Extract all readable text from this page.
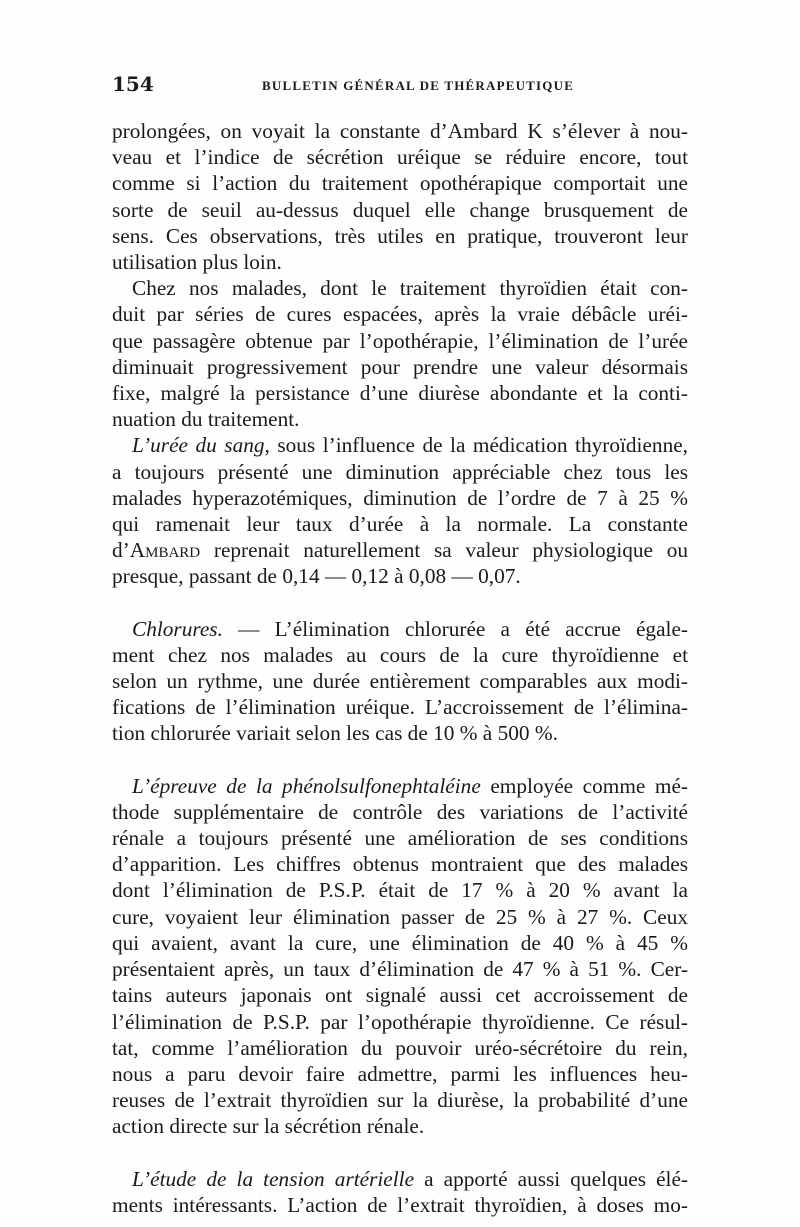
154	BULLETIN GÉNÉRAL DE THÉRAPEUTIQUE

prolongées, on voyait la constante d’Ambard K s’élever à nou-

veau et l’indice de sécrétion uréique se réduire encore, tout

comme si l’action du traitement opothérapique comportait une

sorte de seuil au-dessus duquel elle change brusquement de

sens. Ces observations, très utiles en pratique, trouveront leur

utilisation plus loin.

Chez nos malades, dont le traitement thyroïdien était con-

duit par séries de cures espacées, après la vraie débâcle uréi-

que passagère obtenue par l’opothérapie, l’élimination de l’urée

diminuait progressivement pour prendre une valeur désormais

fixe, malgré la persistance d’une diurèse abondante et la conti-

nuation du traitement.

L’urée du sang, sous l’influence de la médication thyroïdienne,

a toujours présenté une diminution appréciable chez tous les

malades hyperazotémiques, diminution de l’ordre de 7 à 25 %

qui ramenait leur taux d’urée à la normale. La constante

d’Ambard reprenait naturellement sa valeur physiologique ou

presque, passant de 0,14 — 0,12 à 0,08 — 0,07.

Chlorures. — L’élimination chlorurée a été accrue égale-

ment chez nos malades au cours de la cure thyroïdienne et

selon un rythme, une durée entièrement comparables aux modi-

fications de l’élimination uréique. L’accroissement de l’élimina-

tion chlorurée variait selon les cas de 10 % à 500 %.

L’épreuve de la phénolsulfonephtaléine employée comme mé-

thode supplémentaire de contrôle des variations de l’activité

rénale a toujours présenté une amélioration de ses conditions

d’apparition. Les chiffres obtenus montraient que des malades

dont l’élimination de P.S.P. était de 17 % à 20 % avant la

cure, voyaient leur élimination passer de 25 % à 27 %. Ceux

qui avaient, avant la cure, une élimination de 40 % à 45 %

présentaient après, un taux d’élimination de 47 % à 51 %. Cer-

tains auteurs japonais ont signalé aussi cet accroissement de

l’élimination de P.S.P. par l’opothérapie thyroïdienne. Ce résul-

tat, comme l’amélioration du pouvoir uréo-sécrétoire du rein,

nous a paru devoir faire admettre, parmi les influences heu-

reuses de l’extrait thyroïdien sur la diurèse, la probabilité d’une

action directe sur la sécrétion rénale.

L’étude de la tension artérielle a apporté aussi quelques élé-

ments intéressants. L’action de l’extrait thyroïdien, à doses mo-
